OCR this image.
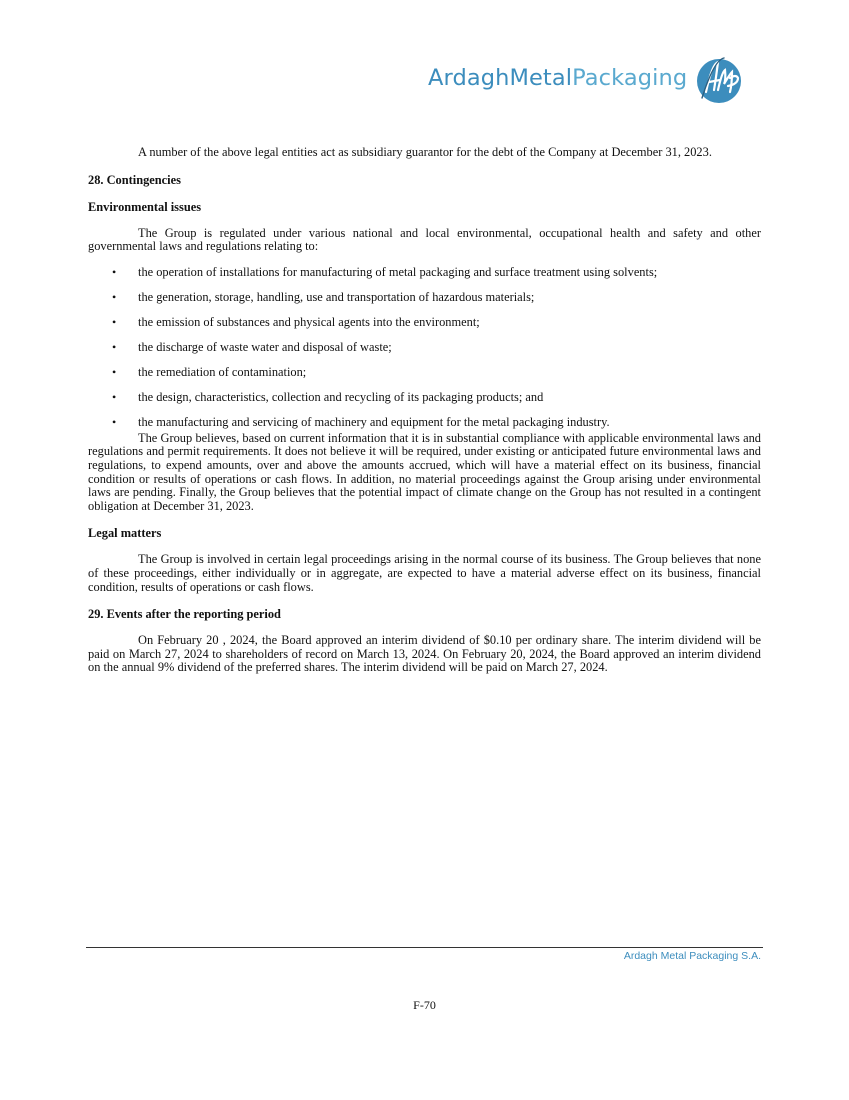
ArdaghMetalPackaging
AMP

A number of the above legal entities act as subsidiary guarantor for the debt of the Company at December 31, 2023.

28. Contingencies
Environmental issues

The Group is regulated under various national and local environmental, occupational health and safety and other governmental laws and regulations relating to:

• the operation of installations for manufacturing of metal packaging and surface treatment using solvents;
• the generation, storage, handling, use and transportation of hazardous materials;
• the emission of substances and physical agents into the environment;
• the discharge of waste water and disposal of waste;
• the remediation of contamination;
• the design, characteristics, collection and recycling of its packaging products; and
• the manufacturing and servicing of machinery and equipment for the metal packaging industry.

The Group believes, based on current information that it is in substantial compliance with applicable environmental laws and regulations and permit requirements. It does not believe it will be required, under existing or anticipated future environmental laws and regulations, to expend amounts, over and above the amounts accrued, which will have a material effect on its business, financial condition or results of operations or cash flows. In addition, no material proceedings against the Group arising under environmental laws are pending. Finally, the Group believes that the potential impact of climate change on the Group has not resulted in a contingent obligation at December 31, 2023.

Legal matters

The Group is involved in certain legal proceedings arising in the normal course of its business. The Group believes that none of these proceedings, either individually or in aggregate, are expected to have a material adverse effect on its business, financial condition, results of operations or cash flows.

29. Events after the reporting period

On February 20 , 2024, the Board approved an interim dividend of $0.10 per ordinary share. The interim dividend will be paid on March 27, 2024 to shareholders of record on March 13, 2024. On February 20, 2024, the Board approved an interim dividend on the annual 9% dividend of the preferred shares. The interim dividend will be paid on March 27, 2024.

Ardagh Metal Packaging S.A.
F-70
